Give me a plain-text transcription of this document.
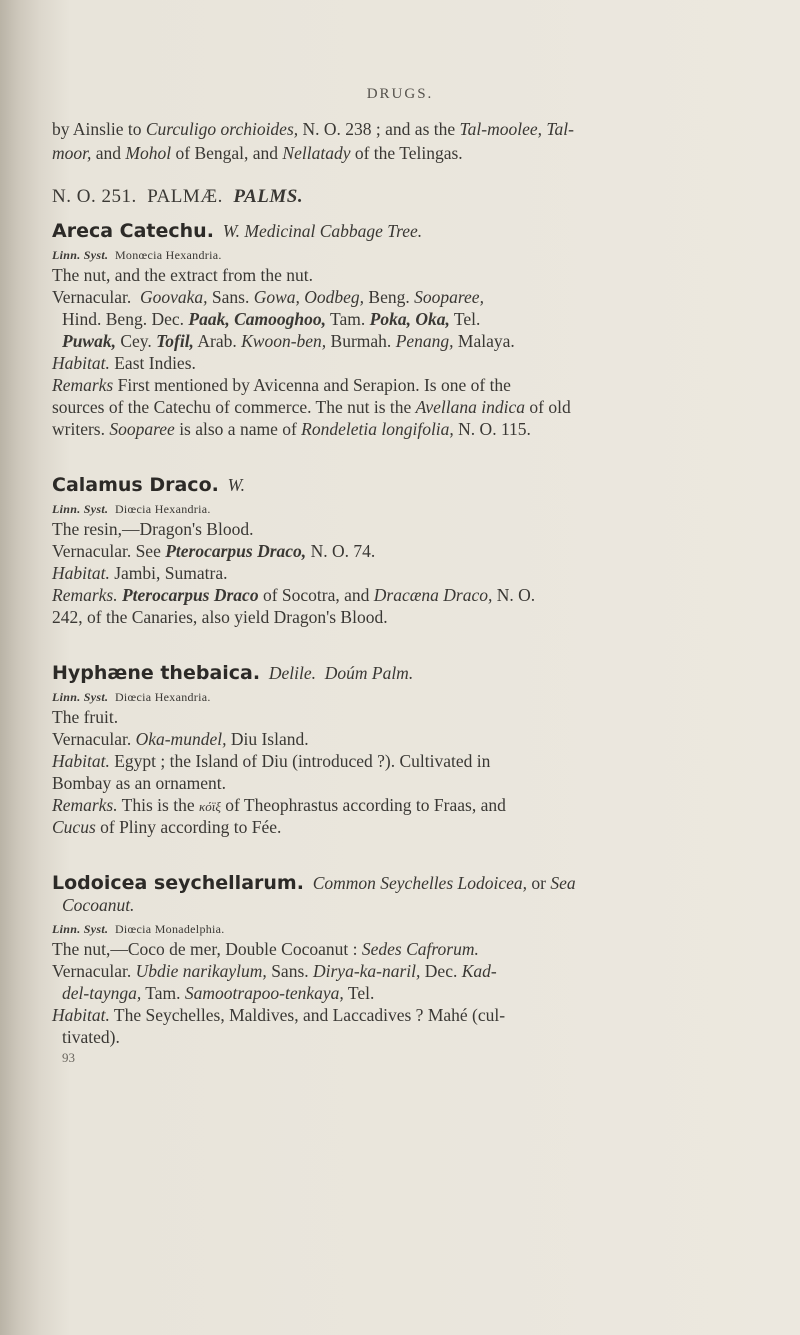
DRUGS.
by Ainslie to Curculigo orchioides, N. O. 238 ; and as the Tal-moolee, Tal-
moor, and Mohol of Bengal, and Nellatady of the Telingas.
N. O. 251. PALMÆ. PALMS.
Areca Catechu. W. Medicinal Cabbage Tree.
Linn. Syst. Monœcia Hexandria.
The nut, and the extract from the nut.
Vernacular. Goovaka, Sans. Gowa, Oodbeg, Beng. Sooparee,
Hind. Beng. Dec. Paak, Camooghoo, Tam. Poka, Oka, Tel.
Puwak, Cey. Tofil, Arab. Kwoon-ben, Burmah. Penang, Malaya.
Habitat. East Indies.
Remarks First mentioned by Avicenna and Serapion. Is one of the
sources of the Catechu of commerce. The nut is the Avellana indica of old
writers. Sooparee is also a name of Rondeletia longifolia, N. O. 115.
Calamus Draco. W.
Linn. Syst. Diœcia Hexandria.
The resin,—Dragon's Blood.
Vernacular. See Pterocarpus Draco, N. O. 74.
Habitat. Jambi, Sumatra.
Remarks. Pterocarpus Draco of Socotra, and Dracæna Draco, N. O.
242, of the Canaries, also yield Dragon's Blood.
Hyphæne thebaica. Delile. Doúm Palm.
Linn. Syst. Diœcia Hexandria.
The fruit.
Vernacular. Oka-mundel, Diu Island.
Habitat. Egypt ; the Island of Diu (introduced ?). Cultivated in
Bombay as an ornament.
Remarks. This is the κόϊξ of Theophrastus according to Fraas, and
Cucus of Pliny according to Fée.
Lodoicea seychellarum. Common Seychelles Lodoicea, or Sea
Cocoanut.
Linn. Syst. Diœcia Monadelphia.
The nut,—Coco de mer, Double Cocoanut : Sedes Cafrorum.
Vernacular. Ubdie narikaylum, Sans. Dirya-ka-naril, Dec. Kad-
del-taynga, Tam. Samootrapoo-tenkaya, Tel.
Habitat. The Seychelles, Maldives, and Laccadives ? Mahé (cul-
tivated).
93
